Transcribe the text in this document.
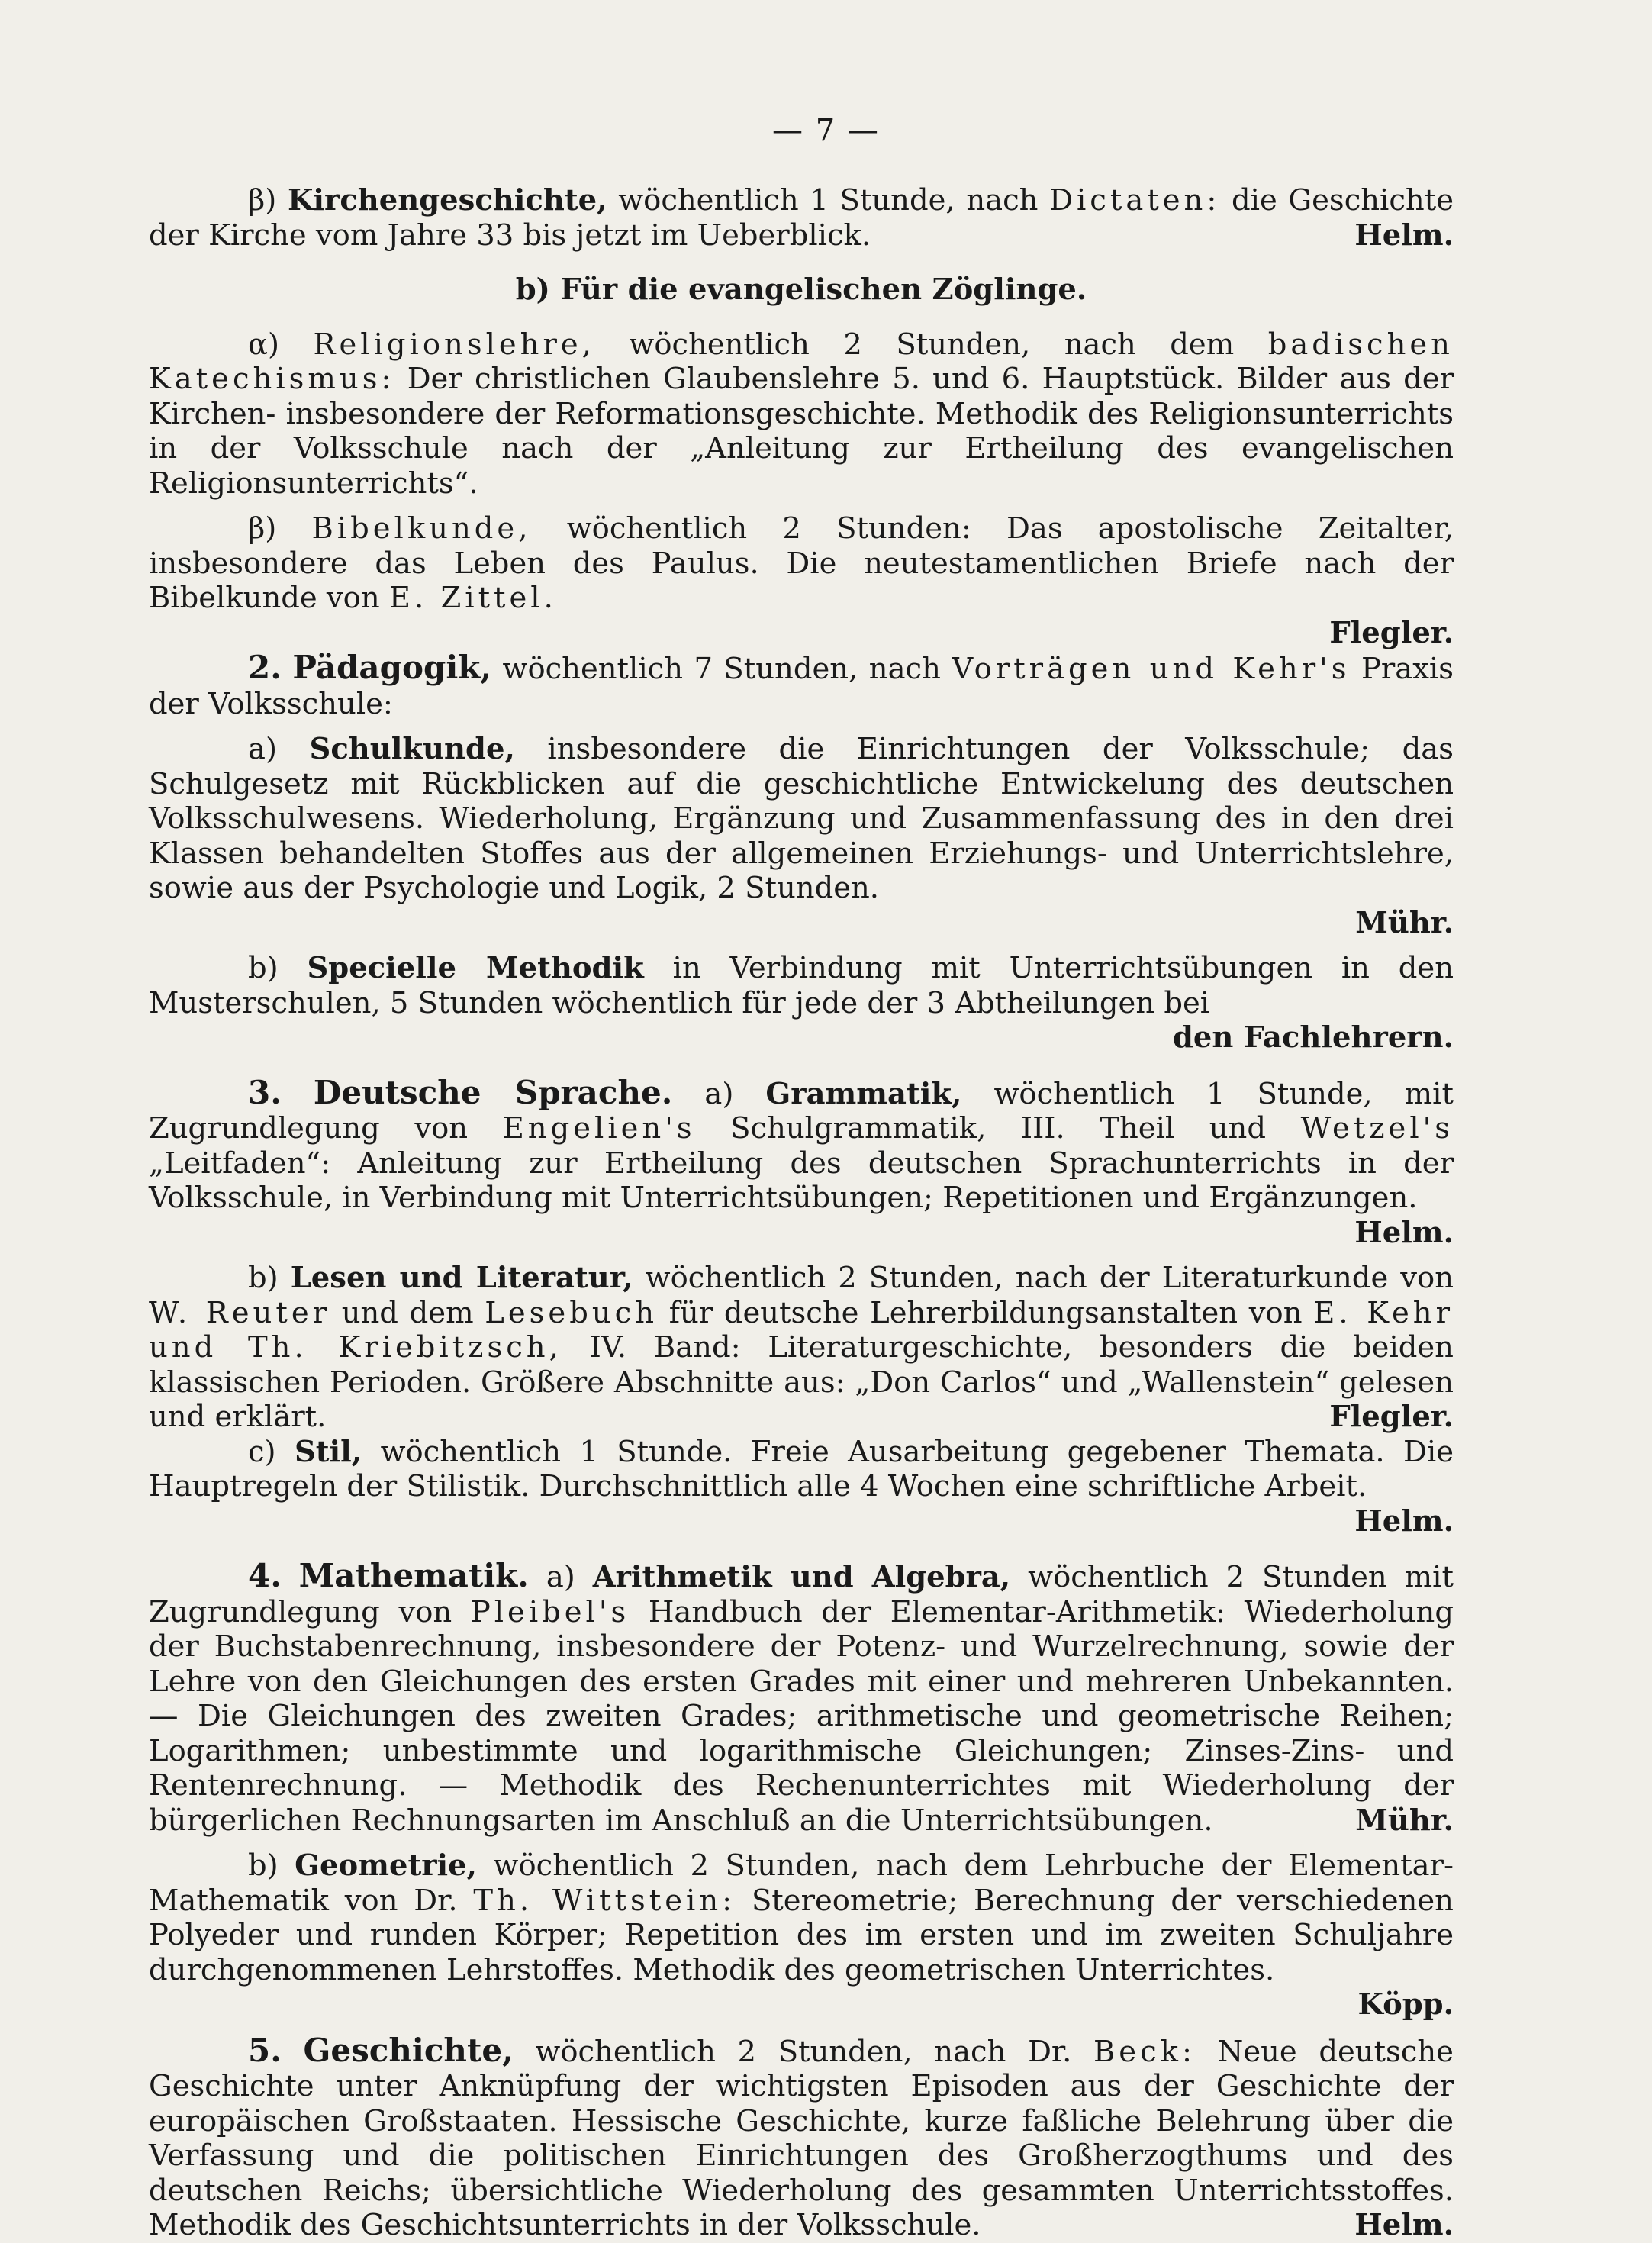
— 7 —

β) Kirchengeschichte, wöchentlich 1 Stunde, nach Dictaten: die Geschichte der Kirche vom Jahre 33 bis jetzt im Ueberblick.	Helm.

b) Für die evangelischen Zöglinge.

α) Religionslehre, wöchentlich 2 Stunden, nach dem badischen Katechismus: Der christlichen Glaubenslehre 5. und 6. Hauptstück. Bilder aus der Kirchen- insbesondere der Reformationsgeschichte. Methodik des Religionsunterrichts in der Volksschule nach der „Anleitung zur Ertheilung des evangelischen Religionsunterrichts“.

β) Bibelkunde, wöchentlich 2 Stunden: Das apostolische Zeitalter, insbesondere das Leben des Paulus. Die neutestamentlichen Briefe nach der Bibelkunde von E. Zittel.
Flegler.

2. Pädagogik, wöchentlich 7 Stunden, nach Vorträgen und Kehr's Praxis der Volksschule:

a) Schulkunde, insbesondere die Einrichtungen der Volksschule; das Schulgesetz mit Rückblicken auf die geschichtliche Entwickelung des deutschen Volksschulwesens. Wiederholung, Ergänzung und Zusammenfassung des in den drei Klassen behandelten Stoffes aus der allgemeinen Erziehungs- und Unterrichtslehre, sowie aus der Psychologie und Logik, 2 Stunden.
Mühr.

b) Specielle Methodik in Verbindung mit Unterrichtsübungen in den Musterschulen, 5 Stunden wöchentlich für jede der 3 Abtheilungen bei
den Fachlehrern.

3. Deutsche Sprache. a) Grammatik, wöchentlich 1 Stunde, mit Zugrundlegung von Engelien's Schulgrammatik, III. Theil und Wetzel's „Leitfaden“: Anleitung zur Ertheilung des deutschen Sprachunterrichts in der Volksschule, in Verbindung mit Unterrichtsübungen; Repetitionen und Ergänzungen.
Helm.

b) Lesen und Literatur, wöchentlich 2 Stunden, nach der Literaturkunde von W. Reuter und dem Lesebuch für deutsche Lehrerbildungsanstalten von E. Kehr und Th. Kriebitzsch, IV. Band: Literaturgeschichte, besonders die beiden klassischen Perioden. Größere Abschnitte aus: „Don Carlos“ und „Wallenstein“ gelesen und erklärt.	Flegler.

c) Stil, wöchentlich 1 Stunde. Freie Ausarbeitung gegebener Themata. Die Hauptregeln der Stilistik. Durchschnittlich alle 4 Wochen eine schriftliche Arbeit.
Helm.

4. Mathematik. a) Arithmetik und Algebra, wöchentlich 2 Stunden mit Zugrundlegung von Pleibel's Handbuch der Elementar-Arithmetik: Wiederholung der Buchstabenrechnung, insbesondere der Potenz- und Wurzelrechnung, sowie der Lehre von den Gleichungen des ersten Grades mit einer und mehreren Unbekannten. — Die Gleichungen des zweiten Grades; arithmetische und geometrische Reihen; Logarithmen; unbestimmte und logarithmische Gleichungen; Zinses-Zins- und Rentenrechnung. — Methodik des Rechenunterrichtes mit Wiederholung der bürgerlichen Rechnungsarten im Anschluß an die Unterrichtsübungen.	Mühr.

b) Geometrie, wöchentlich 2 Stunden, nach dem Lehrbuche der Elementar-Mathematik von Dr. Th. Wittstein: Stereometrie; Berechnung der verschiedenen Polyeder und runden Körper; Repetition des im ersten und im zweiten Schuljahre durchgenommenen Lehrstoffes. Methodik des geometrischen Unterrichtes.
Köpp.

5. Geschichte, wöchentlich 2 Stunden, nach Dr. Beck: Neue deutsche Geschichte unter Anknüpfung der wichtigsten Episoden aus der Geschichte der europäischen Großstaaten. Hessische Geschichte, kurze faßliche Belehrung über die Verfassung und die politischen Einrichtungen des Großherzogthums und des deutschen Reichs; übersichtliche Wiederholung des gesammten Unterrichtsstoffes. Methodik des Geschichtsunterrichts in der Volksschule.	Helm.
